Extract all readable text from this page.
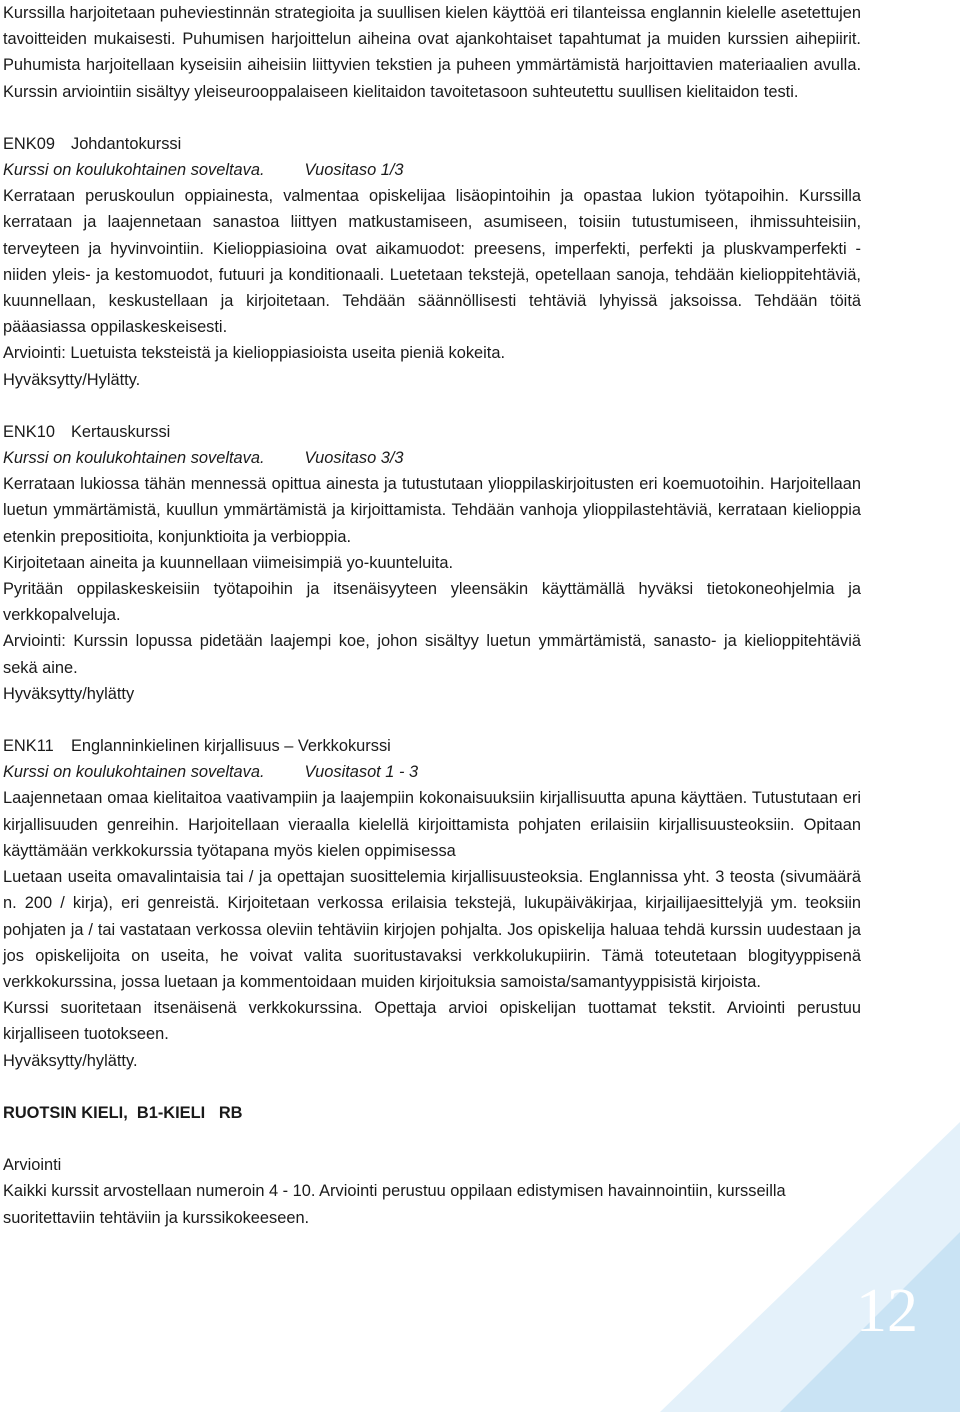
Kurssilla harjoitetaan puheviestinnän strategioita ja suullisen kielen käyttöä eri tilanteissa englannin kielelle asetettujen tavoitteiden mukaisesti. Puhumisen harjoittelun aiheina ovat ajankohtaiset tapahtumat ja muiden kurssien aihepiirit. Puhumista harjoitellaan kyseisiin aiheisiin liittyvien tekstien ja puheen ymmärtämistä harjoittavien materiaalien avulla. Kurssin arviointiin sisältyy yleiseurooppalaiseen kielitaidon tavoitetasoon suhteutettu suullisen kielitaidon testi.

ENK09 Johdantokurssi

Kurssi on koulukohtainen soveltava. Vuositaso 1/3

Kerrataan peruskoulun oppiainesta, valmentaa opiskelijaa lisäopintoihin ja opastaa lukion työtapoihin. Kurssilla kerrataan ja laajennetaan sanastoa liittyen matkustamiseen, asumiseen, toisiin tutustumiseen, ihmissuhteisiin, terveyteen ja hyvinvointiin. Kielioppiasioina ovat aikamuodot: preesens, imperfekti, perfekti ja pluskvamperfekti - niiden yleis- ja kestomuodot, futuuri ja konditionaali. Luetetaan tekstejä, opetellaan sanoja, tehdään kielioppitehtäviä, kuunnellaan, keskustellaan ja kirjoitetaan. Tehdään säännöllisesti tehtäviä lyhyissä jaksoissa. Tehdään töitä pääasiassa oppilaskeskeisesti.

Arviointi: Luetuista teksteistä ja kielioppiasioista useita pieniä kokeita.

Hyväksytty/Hylätty.

ENK10 Kertauskurssi

Kurssi on koulukohtainen soveltava. Vuositaso 3/3

Kerrataan lukiossa tähän mennessä opittua ainesta ja tutustutaan ylioppilaskirjoitusten eri koemuotoihin. Harjoitellaan luetun ymmärtämistä, kuullun ymmärtämistä ja kirjoittamista. Tehdään vanhoja ylioppilastehtäviä, kerrataan kielioppia etenkin prepositioita, konjunktioita ja verbioppia.

Kirjoitetaan aineita ja kuunnellaan viimeisimpiä yo-kuunteluita.

Pyritään oppilaskeskeisiin työtapoihin ja itsenäisyyteen yleensäkin käyttämällä hyväksi tietokoneohjelmia ja verkkopalveluja.

Arviointi: Kurssin lopussa pidetään laajempi koe, johon sisältyy luetun ymmärtämistä, sanasto- ja kielioppitehtäviä sekä aine.

Hyväksytty/hylätty

ENK11 Englanninkielinen kirjallisuus – Verkkokurssi

Kurssi on koulukohtainen soveltava. Vuositasot 1 - 3

Laajennetaan omaa kielitaitoa vaativampiin ja laajempiin kokonaisuuksiin kirjallisuutta apuna käyttäen. Tutustutaan eri kirjallisuuden genreihin. Harjoitellaan vieraalla kielellä kirjoittamista pohjaten erilaisiin kirjallisuusteoksiin. Opitaan käyttämään verkkokurssia työtapana myös kielen oppimisessa

Luetaan useita omavalintaisia tai / ja opettajan suosittelemia kirjallisuusteoksia. Englannissa yht. 3 teosta (sivumäärä n. 200 / kirja), eri genreistä. Kirjoitetaan verkossa erilaisia tekstejä, lukupäiväkirjaa, kirjailijaesittelyjä ym. teoksiin pohjaten ja / tai vastataan verkossa oleviin tehtäviin kirjojen pohjalta. Jos opiskelija haluaa tehdä kurssin uudestaan ja jos opiskelijoita on useita, he voivat valita suoritustavaksi verkkolukupiirin. Tämä toteutetaan blogityyppisenä verkkokurssina, jossa luetaan ja kommentoidaan muiden kirjoituksia samoista/samantyyppisistä kirjoista.

Kurssi suoritetaan itsenäisenä verkkokurssina. Opettaja arvioi opiskelijan tuottamat tekstit. Arviointi perustuu kirjalliseen tuotokseen.

Hyväksytty/hylätty.

RUOTSIN KIELI,  B1-KIELI   RB

Arviointi

Kaikki kurssit arvostellaan numeroin 4 - 10. Arviointi perustuu oppilaan edistymisen havainnointiin, kursseilla suoritettaviin tehtäviin ja kurssikokeeseen.

12
